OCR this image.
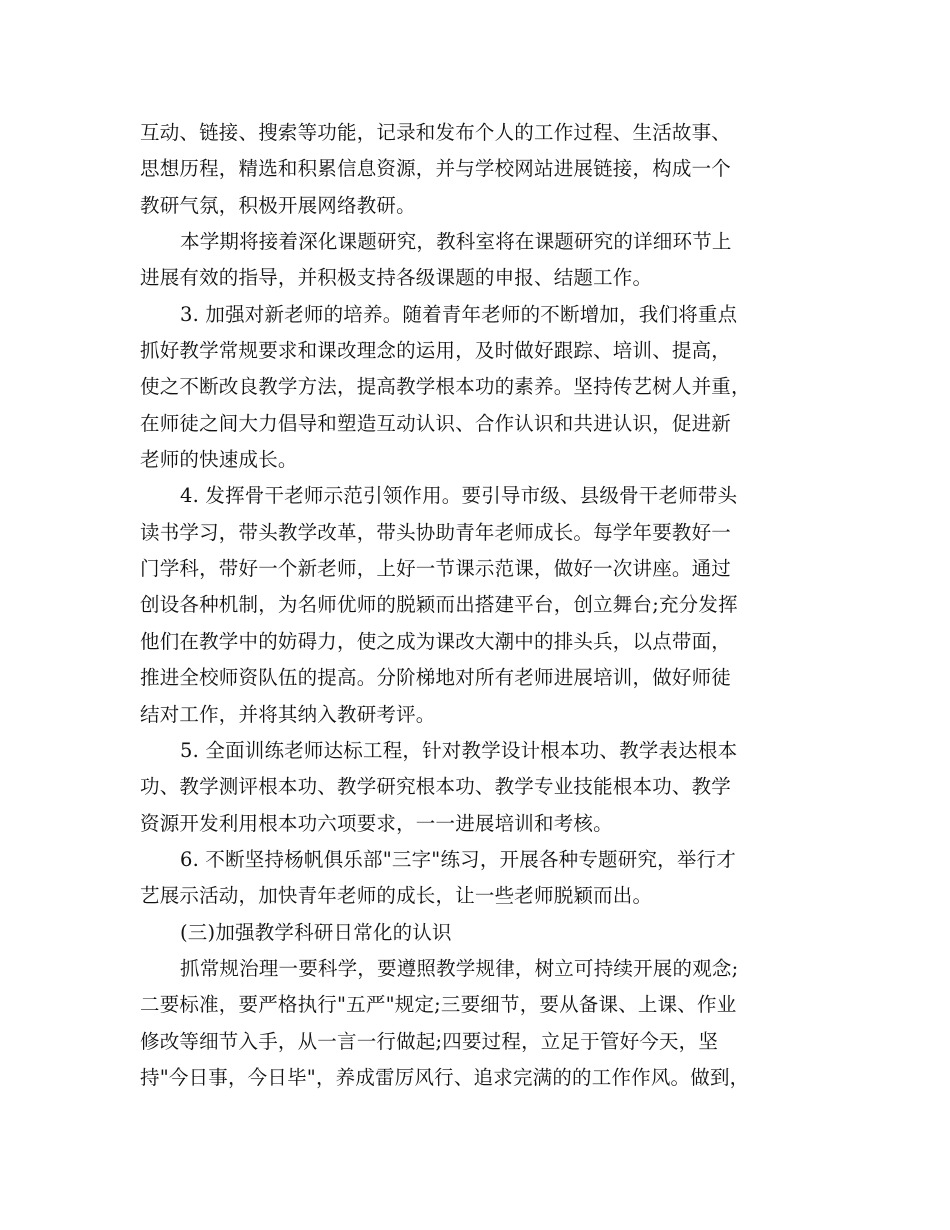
互动、链接、搜索等功能，记录和发布个人的工作过程、生活故事、
思想历程，精选和积累信息资源，并与学校网站进展链接，构成一个
教研气氛，积极开展网络教研。
本学期将接着深化课题研究，教科室将在课题研究的详细环节上
进展有效的指导，并积极支持各级课题的申报、结题工作。
3. 加强对新老师的培养。随着青年老师的不断增加，我们将重点
抓好教学常规要求和课改理念的运用，及时做好跟踪、培训、提高，
使之不断改良教学方法，提高教学根本功的素养。坚持传艺树人并重，
在师徒之间大力倡导和塑造互动认识、合作认识和共进认识，促进新
老师的快速成长。
4. 发挥骨干老师示范引领作用。要引导市级、县级骨干老师带头
读书学习，带头教学改革，带头协助青年老师成长。每学年要教好一
门学科，带好一个新老师，上好一节课示范课，做好一次讲座。通过
创设各种机制，为名师优师的脱颖而出搭建平台，创立舞台;充分发挥
他们在教学中的妨碍力，使之成为课改大潮中的排头兵，以点带面，
推进全校师资队伍的提高。分阶梯地对所有老师进展培训，做好师徒
结对工作，并将其纳入教研考评。
5. 全面训练老师达标工程，针对教学设计根本功、教学表达根本
功、教学测评根本功、教学研究根本功、教学专业技能根本功、教学
资源开发利用根本功六项要求，一一进展培训和考核。
6. 不断坚持杨帆俱乐部"三字"练习，开展各种专题研究，举行才
艺展示活动，加快青年老师的成长，让一些老师脱颖而出。
(三)加强教学科研日常化的认识
抓常规治理一要科学，要遵照教学规律，树立可持续开展的观念;
二要标准，要严格执行"五严"规定;三要细节，要从备课、上课、作业
修改等细节入手，从一言一行做起;四要过程，立足于管好今天，坚
持"今日事，今日毕"，养成雷厉风行、追求完满的的工作作风。做到，
